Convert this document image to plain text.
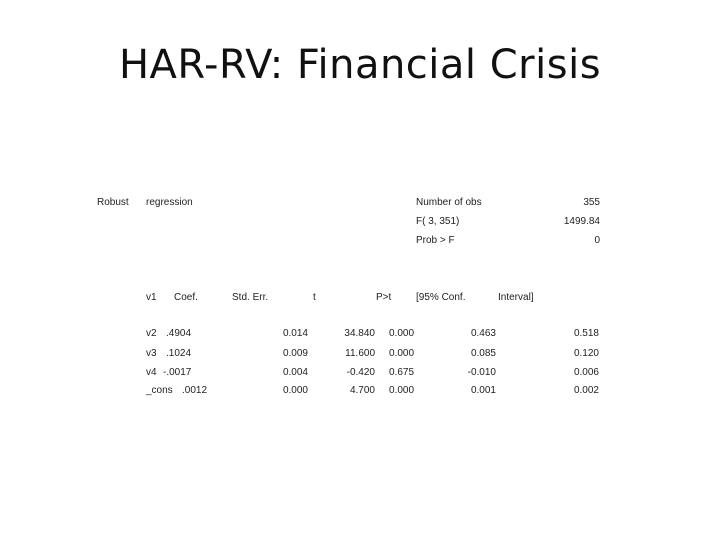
HAR-RV: Financial Crisis
Robust regression	Number of obs	355
F( 3, 351)	1499.84
Prob > F	0
v1 Coef.	Std. Err.	t	P>t [95% Conf.	Interval]
v2 .4904	0.014	34.840 0.000	0.463	0.518
v3 .1024	0.009	11.600 0.000	0.085	0.120
v4 -.0017	0.004	-0.420 0.675	-0.010	0.006
_cons .0012	0.000	4.700 0.000	0.001	0.002
